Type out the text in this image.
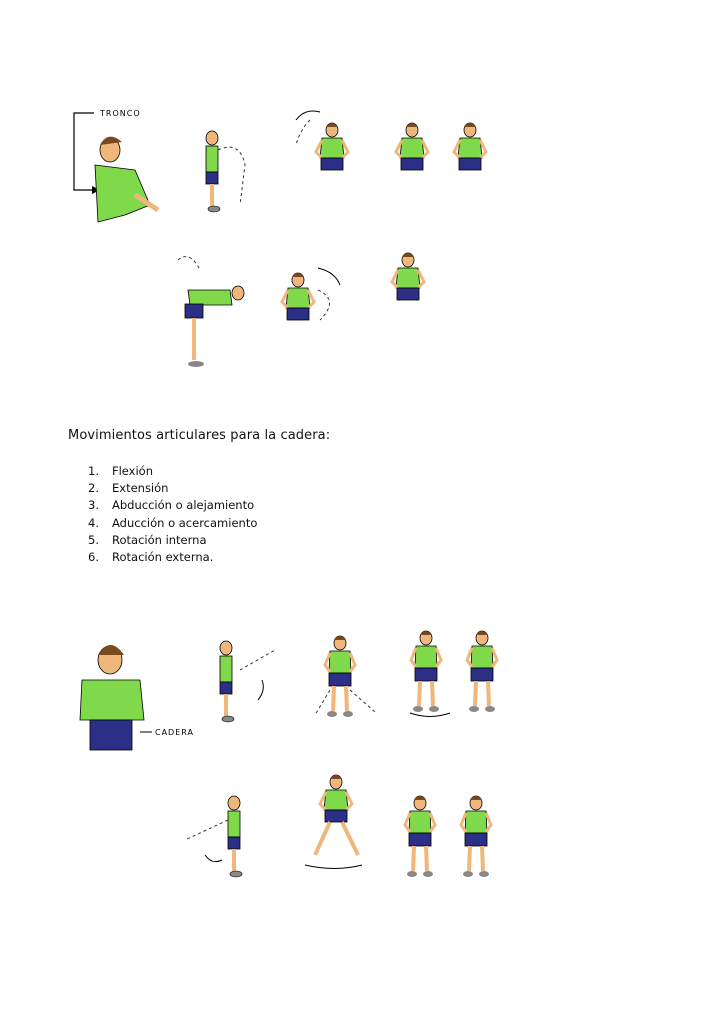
TRONCO
CADERA
Movimientos articulares para la cadera:
1.	Flexión
2.	Extensión
3.	Abducción o alejamiento
4.	Aducción o acercamiento
5.	Rotación interna
6.	Rotación externa.
